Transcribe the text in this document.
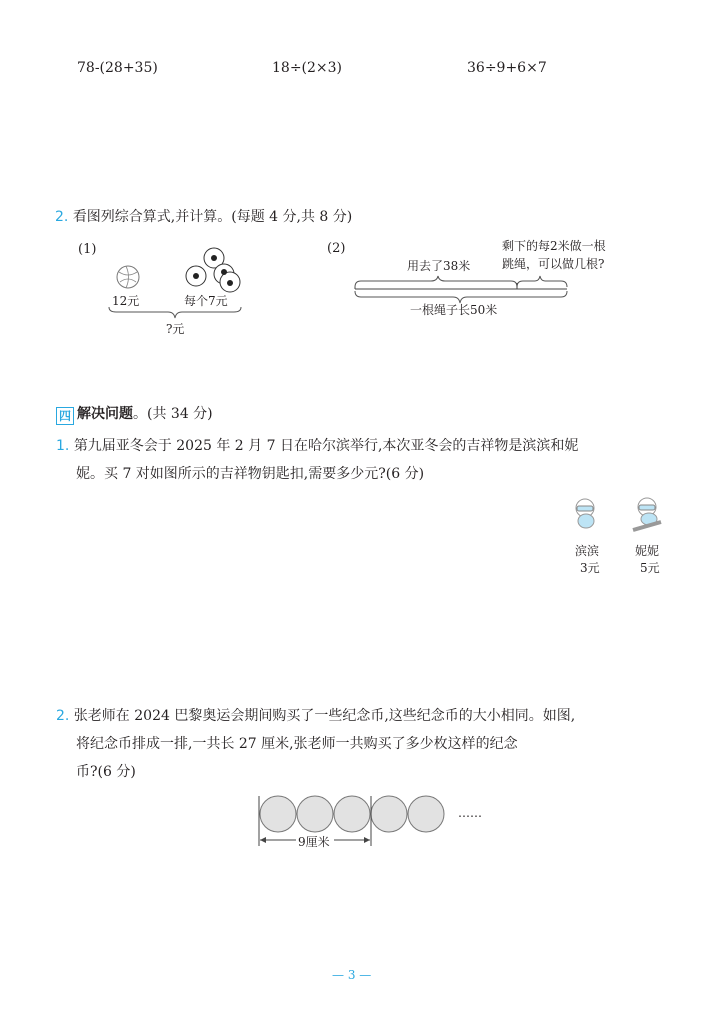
78-(28+35)	18÷(2×3)	36÷9+6×7
2. 看图列综合算式,并计算。(每题 4 分,共 8 分)
(1)
12元	每个7元
?元
(2)
用去了38米
剩下的每2米做一根
跳绳，可以做几根?
一根绳子长50米
四 解决问题。(共 34 分)
1. 第九届亚冬会于 2025 年 2 月 7 日在哈尔滨举行,本次亚冬会的吉祥物是滨滨和妮
妮。买 7 对如图所示的吉祥物钥匙扣,需要多少元?(6 分)
滨滨
3元
妮妮
5元
2. 张老师在 2024 巴黎奥运会期间购买了一些纪念币,这些纪念币的大小相同。如图,
将纪念币排成一排,一共长 27 厘米,张老师一共购买了多少枚这样的纪念
币?(6 分)
9厘米
……
— 3 —
